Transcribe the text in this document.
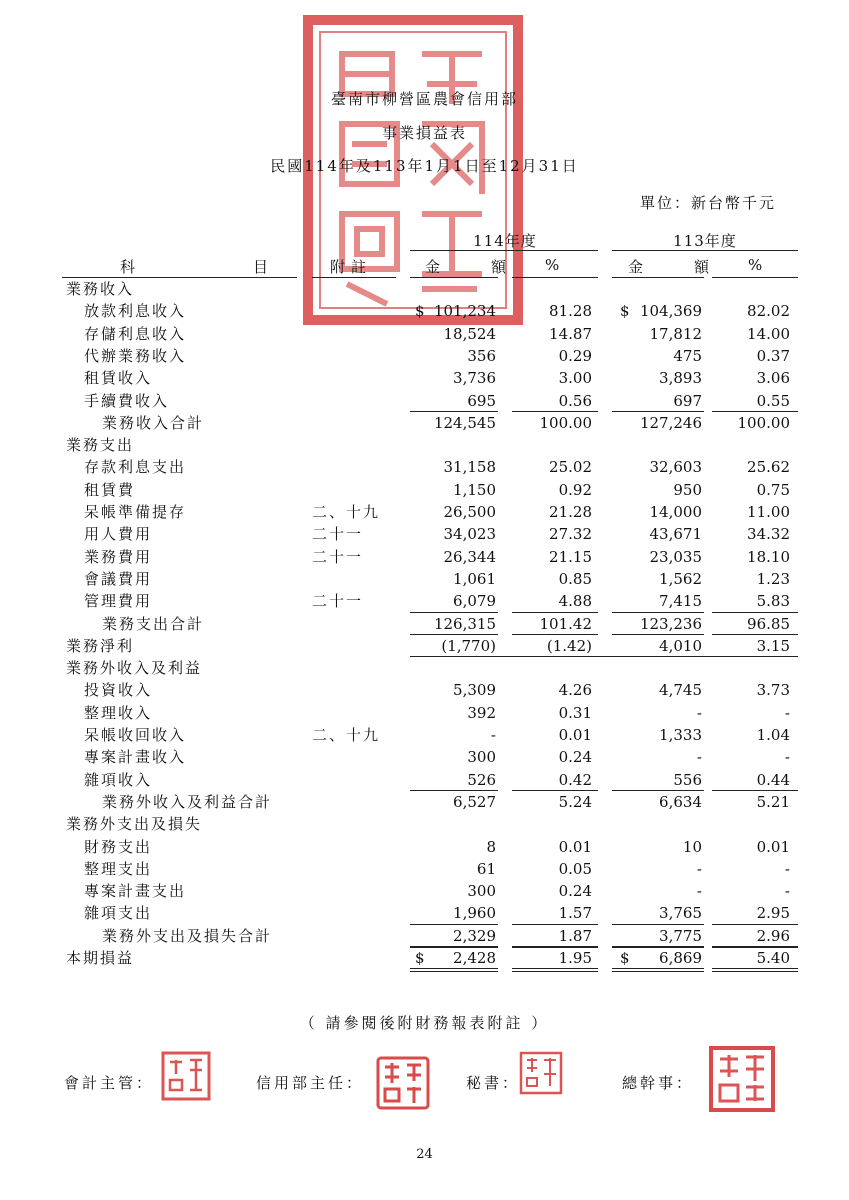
臺南市柳營區農會信用部
事業損益表
民國114年及113年1月1日至12月31日
單位：新台幣千元
114年度	113年度
科　　　　　　目	附註	金　額 %	金　額 %
業務收入
放款利息收入	101,234	81.28	104,369	82.02
$	$
存儲利息收入	18,524	14.87	17,812	14.00
代辦業務收入	356	0.29	475	0.37
租賃收入	3,736	3.00	3,893	3.06
手續費收入	695	0.56	697	0.55
業務收入合計	124,545	100.00	127,246	100.00
業務支出
存款利息支出	31,158	25.02	32,603	25.62
租賃費	1,150	0.92	950	0.75
呆帳準備提存	二、十九	26,500	21.28	14,000	11.00
用人費用	二十一	34,023	27.32	43,671	34.32
業務費用	二十一	26,344	21.15	23,035	18.10
會議費用	1,061	0.85	1,562	1.23
管理費用	二十一	6,079	4.88	7,415	5.83
業務支出合計	126,315	101.42	123,236	96.85
業務淨利	(1,770)	(1.42)	4,010	3.15
業務外收入及利益
投資收入	5,309	4.26	4,745	3.73
整理收入	392	0.31	-	-
呆帳收回收入	二、十九	-	0.01	1,333	1.04
專案計畫收入	300	0.24	-	-
雜項收入	526	0.42	556	0.44
業務外收入及利益合計	6,527	5.24	6,634	5.21
業務外支出及損失
財務支出	8	0.01	10	0.01
整理支出	61	0.05	-	-
專案計畫支出	300	0.24	-	-
雜項支出	1,960	1.57	3,765	2.95
業務外支出及損失合計	2,329	1.87	3,775	2.96
本期損益	2,428	1.95	6,869	5.40
$	$
（ 請參閱後附財務報表附註 ）
會計主管：	信用部主任：	秘書：	總幹事：
24
